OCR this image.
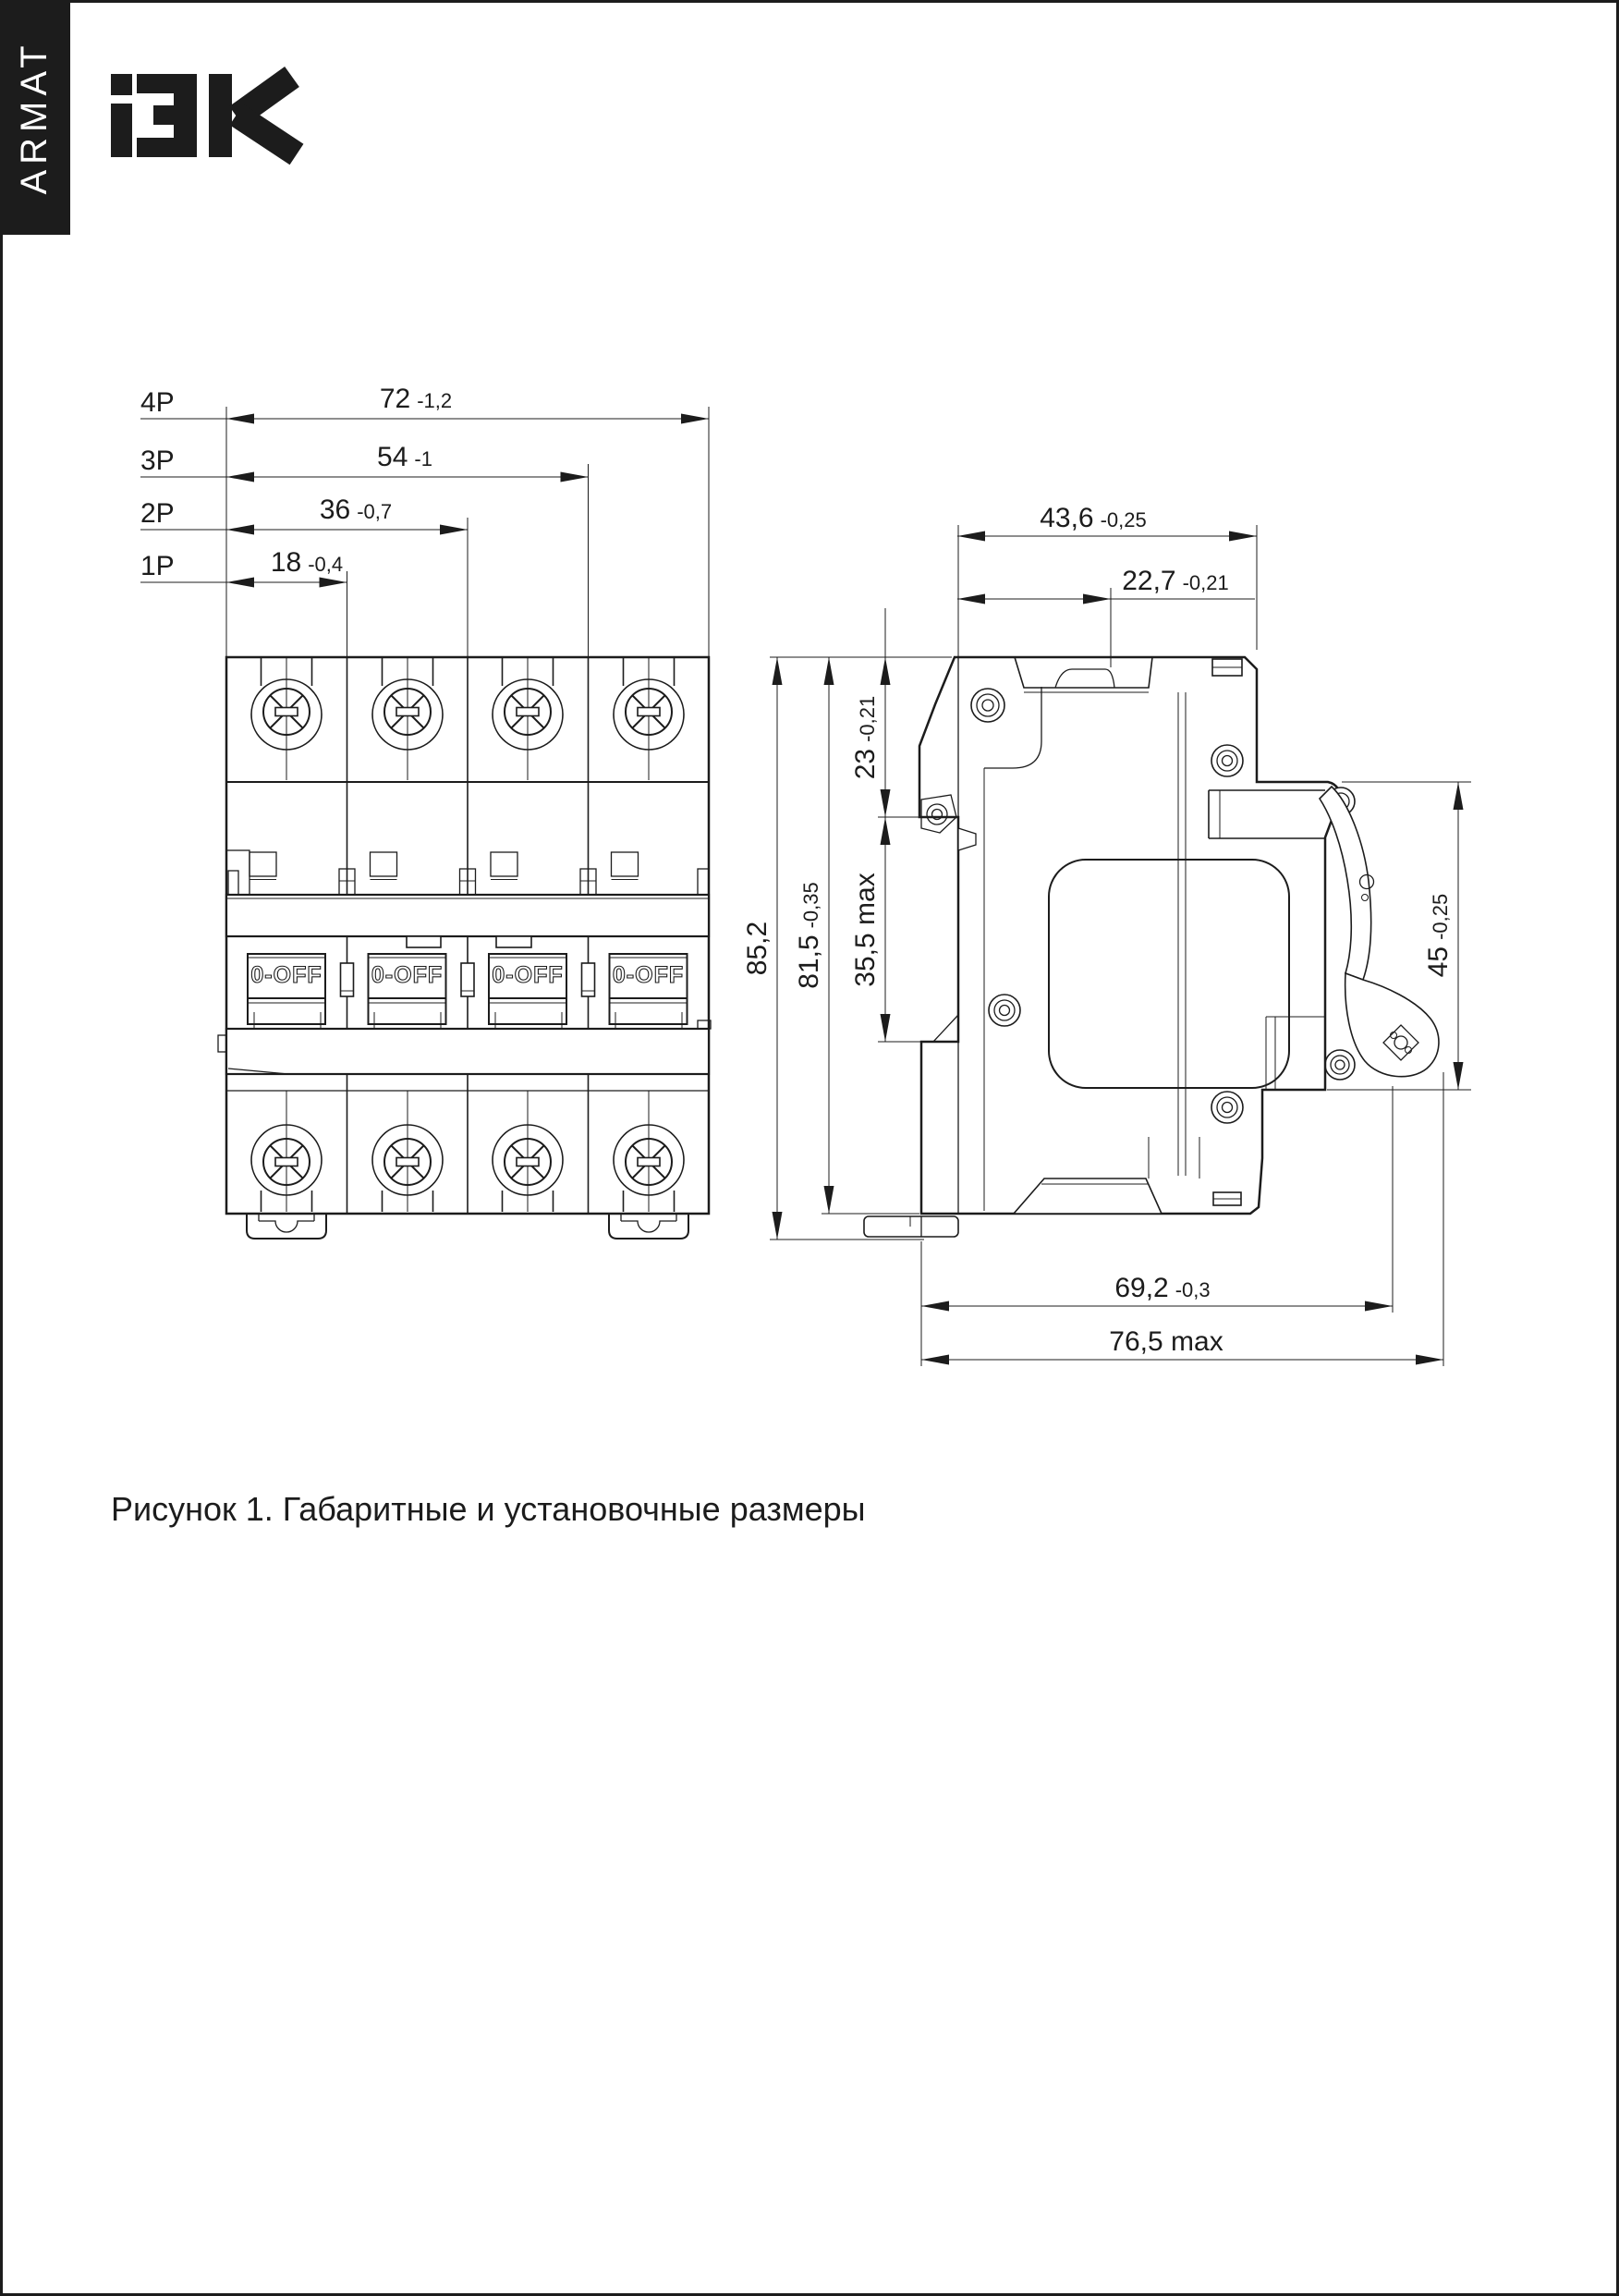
ARMAT
0-OFF 0-OFF 0-OFF 0-OFF
4P	72 -1,2
3P	54 -1
2P	36 -0,7
1P	18 -0,4
43,6 -0,25
22,7 -0,21
85,2 81,5-0,35
23-0,21
35,5 max	45-0,25
69,2 -0,3
76,5 max
Рисунок 1. Габаритные и установочные размеры
